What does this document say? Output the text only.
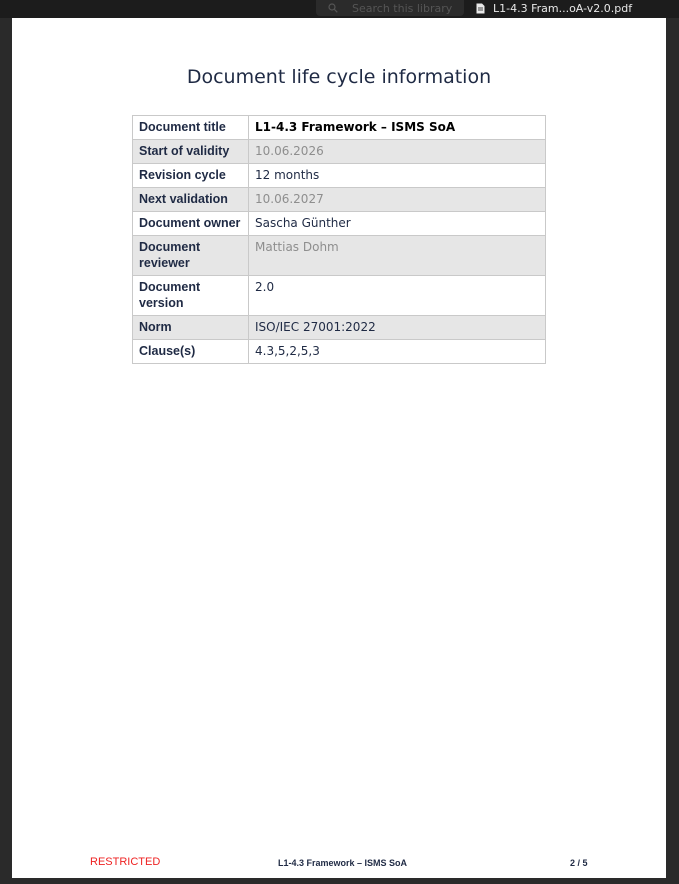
Search this library	L1-4.3 Fram...oA-v2.0.pdf
Document life cycle information
Document title	L1-4.3 Framework – ISMS SoA
Start of validity	10.06.2026
Revision cycle	12 months
Next validation	10.06.2027
Document owner	Sascha Günther
Document reviewer	Mattias Dohm
Document version	2.0
Norm	ISO/IEC 27001:2022
Clause(s)	4.3,5,2,5,3
RESTRICTED	L1-4.3 Framework – ISMS SoA	2 / 5
